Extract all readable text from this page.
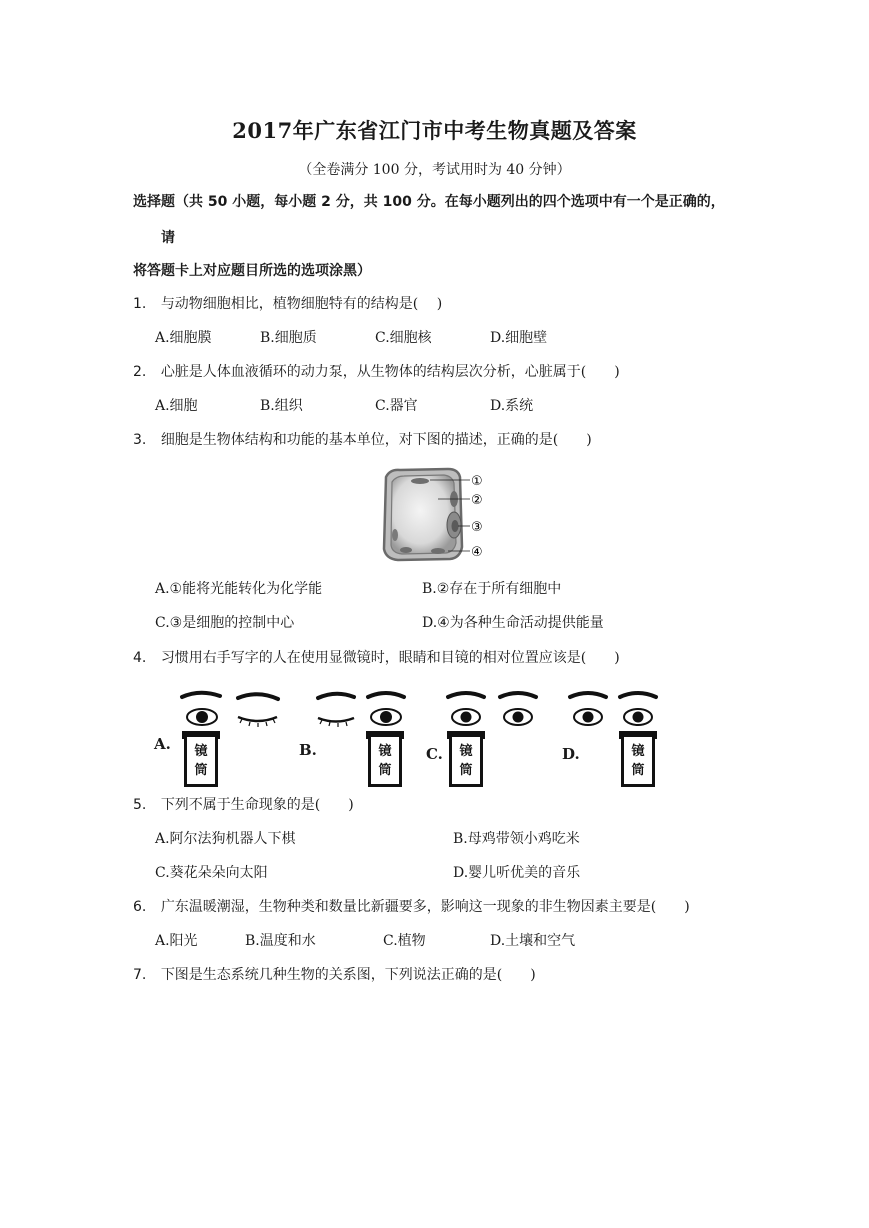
2017年广东省江门市中考生物真题及答案
（全卷满分 100 分，考试用时为 40 分钟）
选择题（共 50 小题，每小题 2 分，共 100 分。在每小题列出的四个选项中有一个是正确的，
请
将答题卡上对应题目所选的选项涂黑）
1. 与动物细胞相比，植物细胞特有的结构是(　 )
A.细胞膜	B.细胞质	C.细胞核	D.细胞壁
2. 心脏是人体血液循环的动力泵，从生物体的结构层次分析，心脏属于(　　)
A.细胞	B.组织	C.器官	D.系统
3. 细胞是生物体结构和功能的基本单位，对下图的描述，正确的是(　　)
①
②
③
④
A.①能将光能转化为化学能	B.②存在于所有细胞中
C.③是细胞的控制中心	D.④为各种生命活动提供能量
4. 习惯用右手写字的人在使用显微镜时，眼睛和目镜的相对位置应该是(　　)
A.	B.	C.	D.
镜
筒
镜
筒
镜
筒
镜
筒
5. 下列不属于生命现象的是(　　)
A.阿尔法狗机器人下棋	B.母鸡带领小鸡吃米
C.葵花朵朵向太阳	D.婴儿听优美的音乐
6. 广东温暖潮湿，生物种类和数量比新疆要多，影响这一现象的非生物因素主要是(　　)
A.阳光	B.温度和水	C.植物	D.土壤和空气
7. 下图是生态系统几种生物的关系图，下列说法正确的是(　　)
